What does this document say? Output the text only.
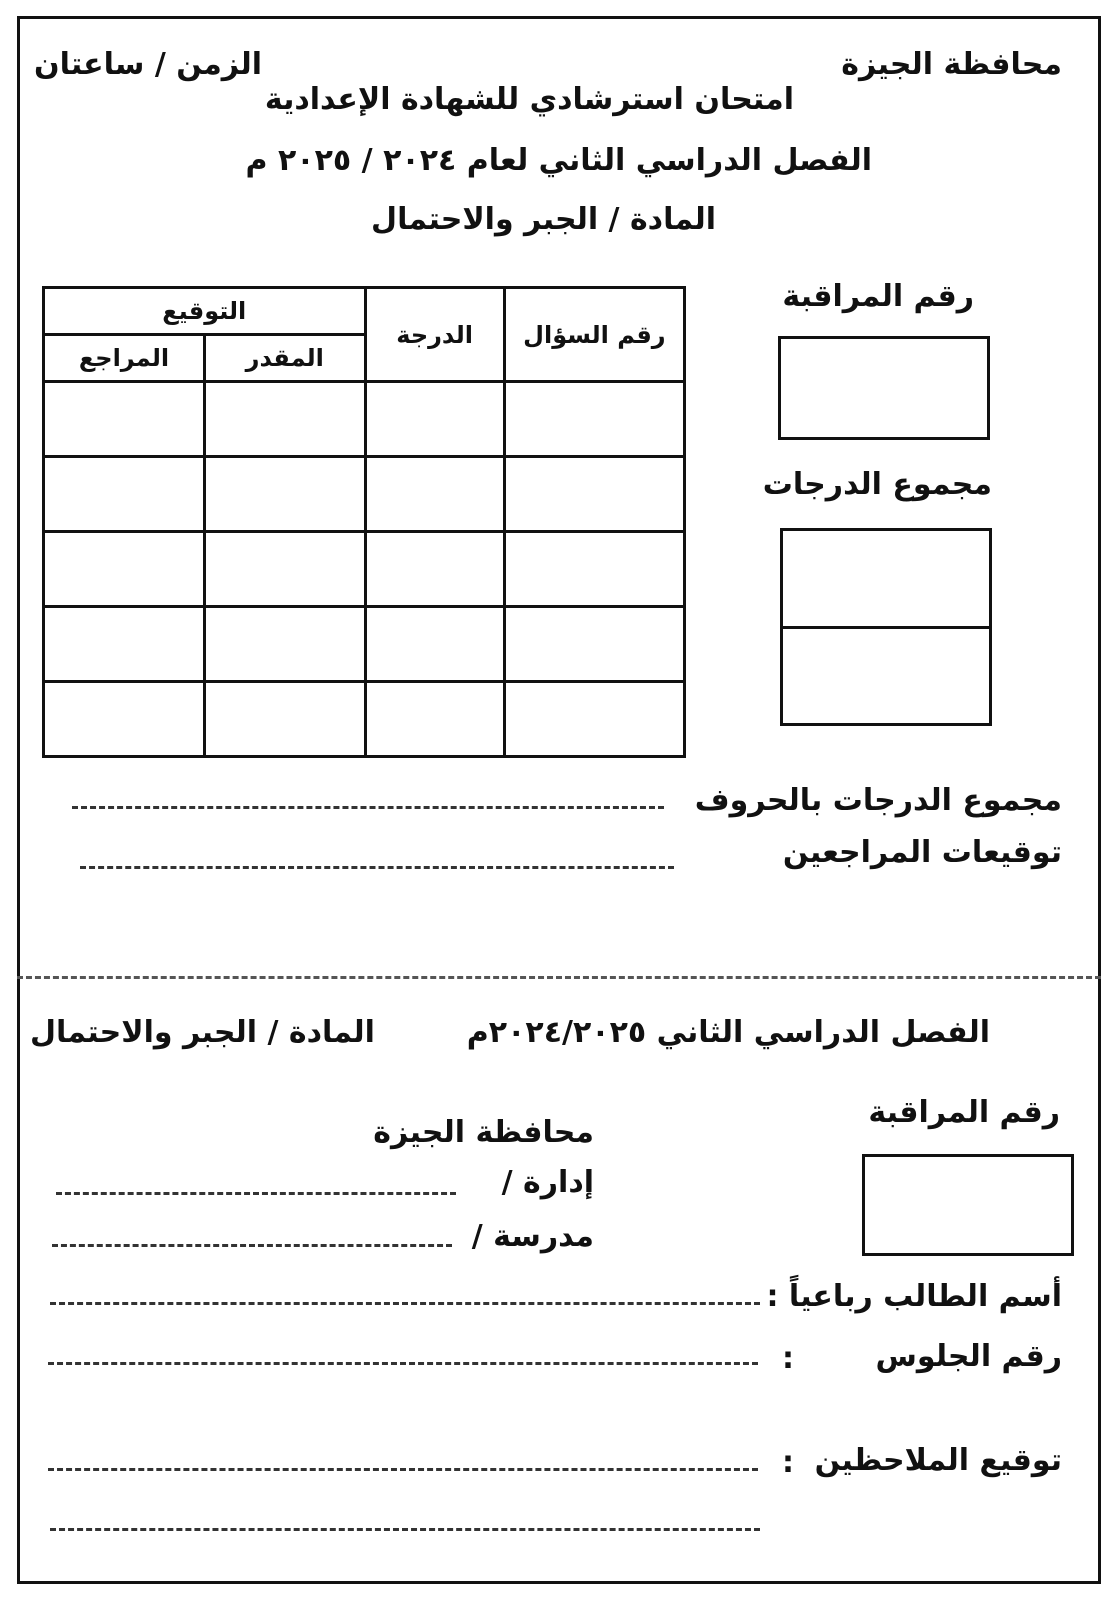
محافظة الجيزة
الزمن / ساعتان
امتحان استرشادي للشهادة الإعدادية
الفصل الدراسي الثاني لعام ٢٠٢٤ / ٢٠٢٥ م
المادة / الجبر والاحتمال
رقم السؤال	الدرجة	التوقيع	
		المقدر	المراجع

رقم المراقبة
مجموع الدرجات
مجموع الدرجات بالحروف
توقيعات المراجعين
الفصل الدراسي الثاني ٢٠٢٤/٢٠٢٥م
المادة / الجبر والاحتمال
رقم المراقبة
محافظة الجيزة
إدارة /
مدرسة /
أسم الطالب رباعياً :
رقم الجلوس
:
توقيع الملاحظين
:
